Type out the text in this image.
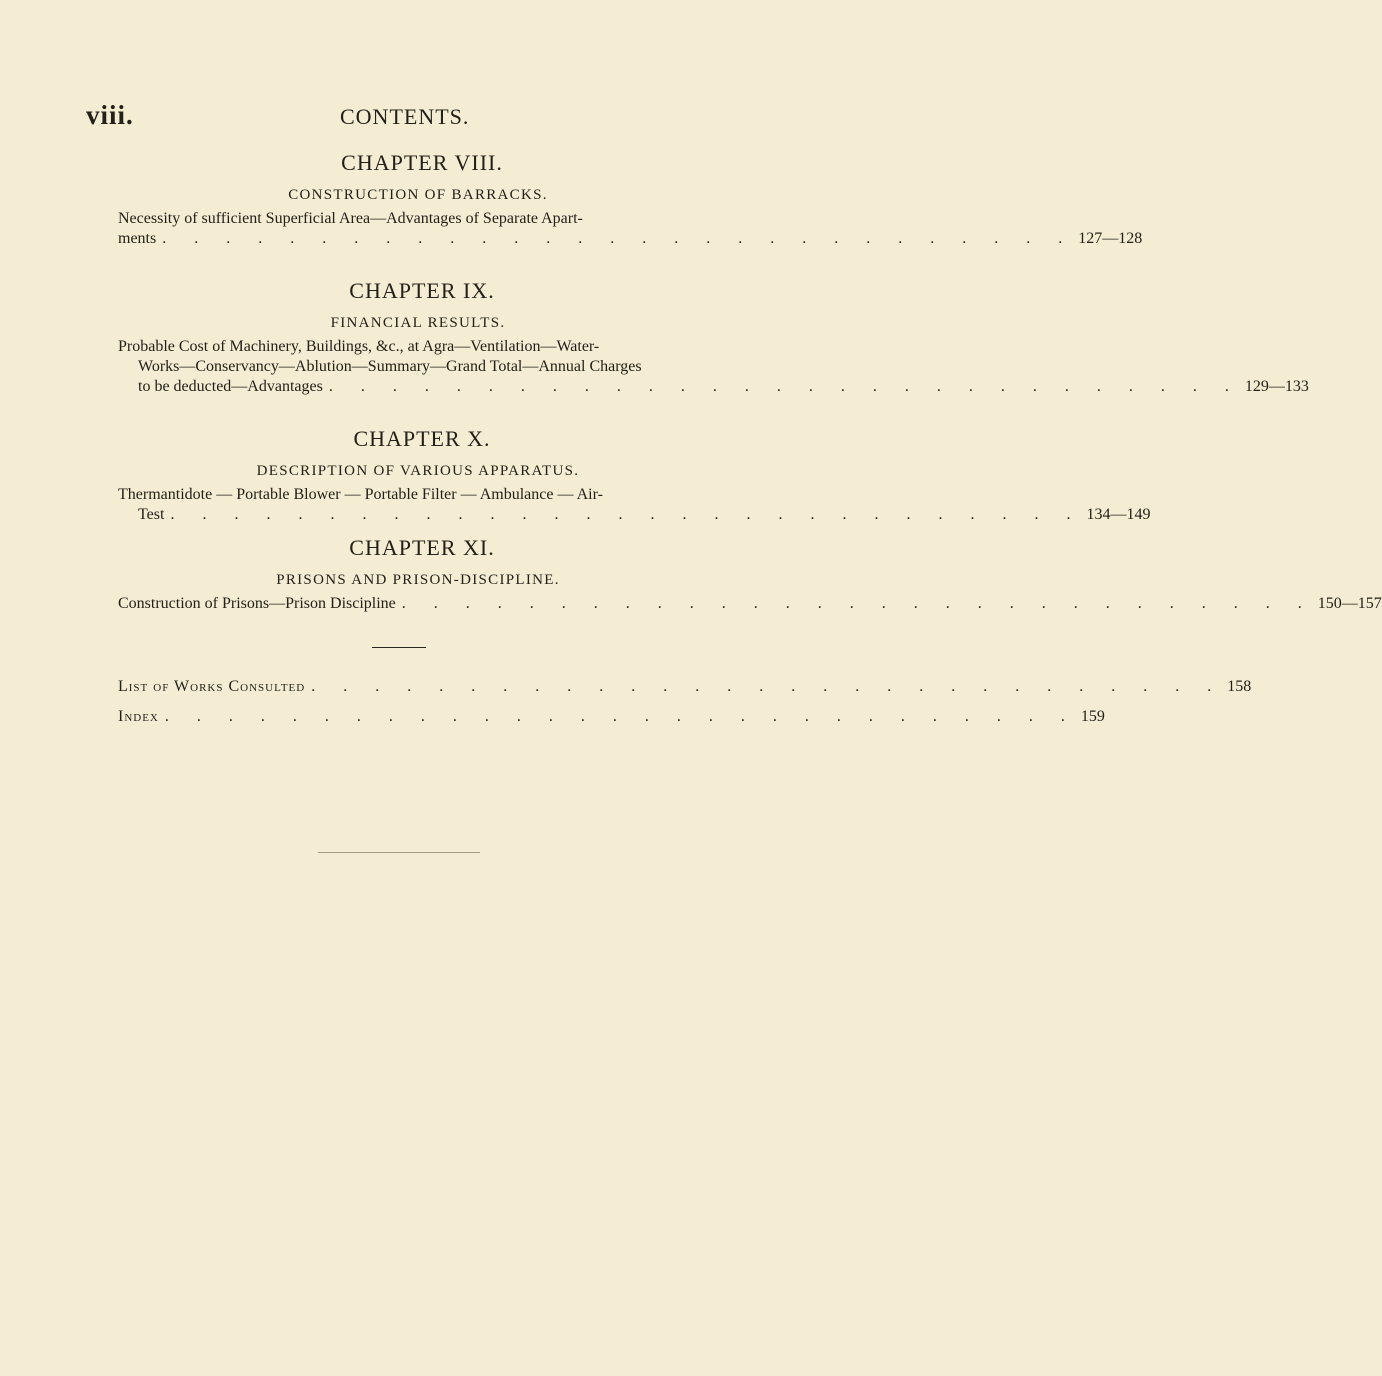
viii.	CONTENTS.
CHAPTER VIII.
CONSTRUCTION OF BARRACKS.
Necessity of sufficient Superficial Area—Advantages of Separate Apart-
ments . . . . . . . . . . . . . . . . . . . . . . . . . . . . . 127—128
CHAPTER IX.
FINANCIAL RESULTS.
Probable Cost of Machinery, Buildings, &c., at Agra—Ventilation—Water-
Works—Conservancy—Ablution—Summary—Grand Total—Annual Charges
to be deducted—Advantages . . . . . . . . . . . . . . . . . . . . . . . . . . . . . 129—133
CHAPTER X.
DESCRIPTION OF VARIOUS APPARATUS.
Thermantidote — Portable Blower — Portable Filter — Ambulance — Air-
Test . . . . . . . . . . . . . . . . . . . . . . . . . . . . . 134—149
CHAPTER XI.
PRISONS AND PRISON-DISCIPLINE.
Construction of Prisons—Prison Discipline . . . . . . . . . . . . . . . . . . . . . . . . . . . . . 150—157
List of Works Consulted . . . . . . . . . . . . . . . . . . . . . . . . . . . . . 158
Index . . . . . . . . . . . . . . . . . . . . . . . . . . . . . 159
